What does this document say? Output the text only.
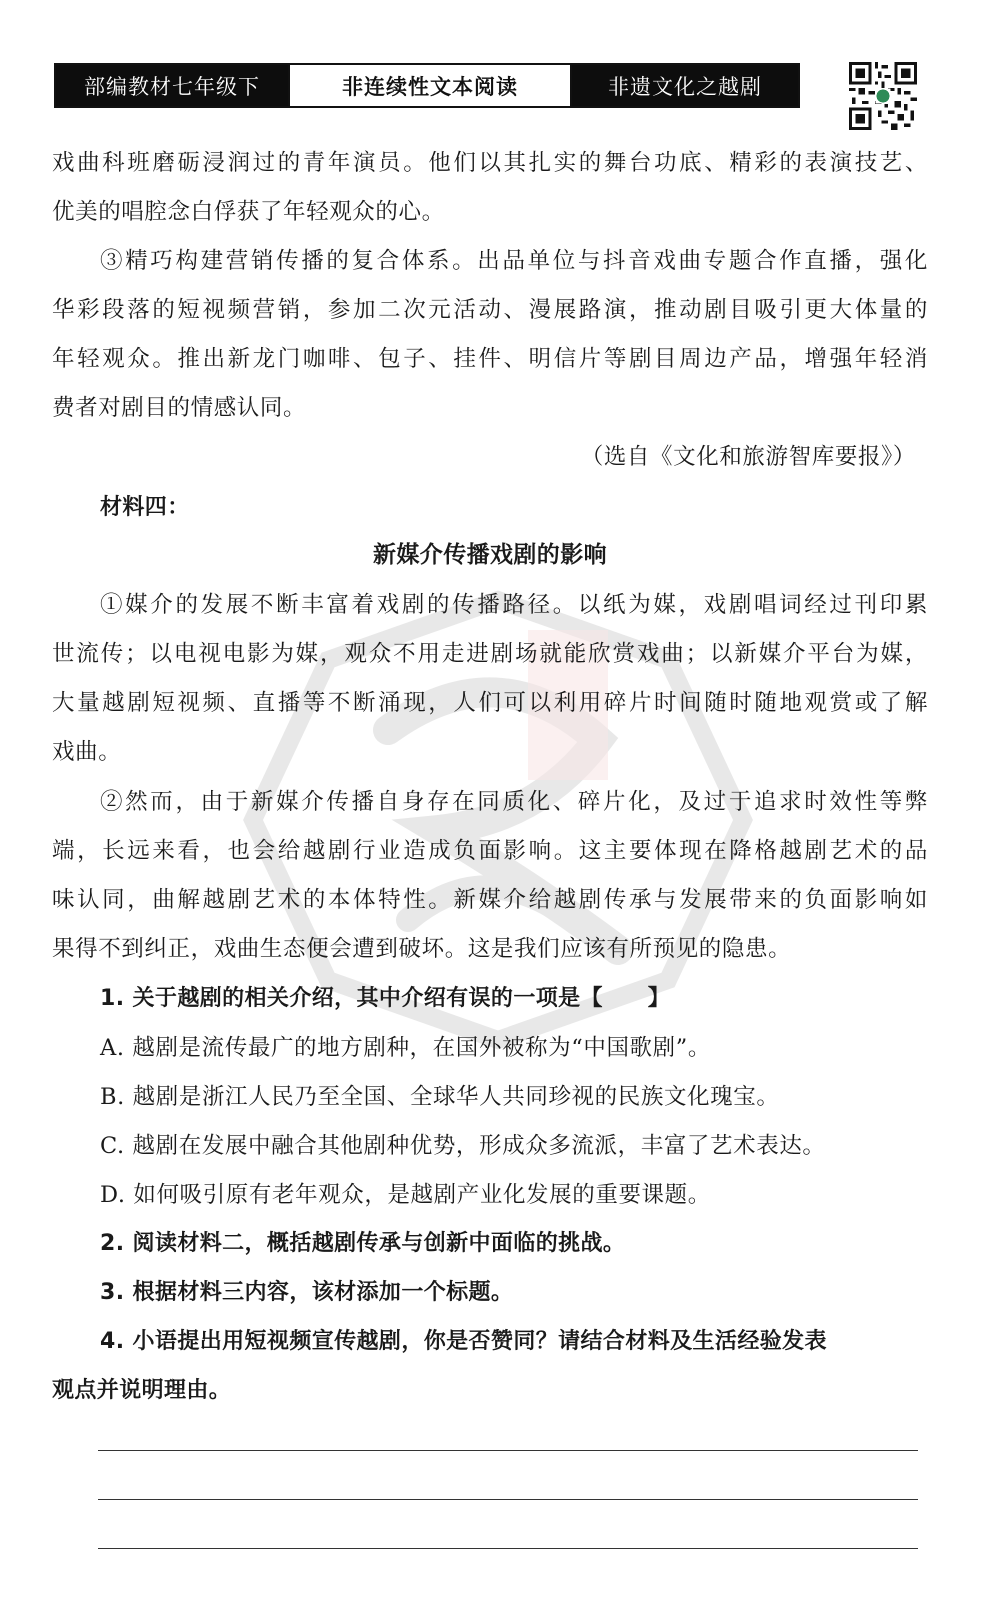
部编教材七年级下	非连续性文本阅读	非遗文化之越剧
戏曲科班磨砺浸润过的青年演员。他们以其扎实的舞台功底、精彩的表演技艺、
优美的唱腔念白俘获了年轻观众的心。
③精巧构建营销传播的复合体系。出品单位与抖音戏曲专题合作直播，强化
华彩段落的短视频营销，参加二次元活动、漫展路演，推动剧目吸引更大体量的
年轻观众。推出新龙门咖啡、包子、挂件、明信片等剧目周边产品，增强年轻消
费者对剧目的情感认同。
（选自《文化和旅游智库要报》）
材料四：
新媒介传播戏剧的影响
①媒介的发展不断丰富着戏剧的传播路径。以纸为媒，戏剧唱词经过刊印累
世流传；以电视电影为媒，观众不用走进剧场就能欣赏戏曲；以新媒介平台为媒，
大量越剧短视频、直播等不断涌现，人们可以利用碎片时间随时随地观赏或了解
戏曲。
②然而，由于新媒介传播自身存在同质化、碎片化，及过于追求时效性等弊
端，长远来看，也会给越剧行业造成负面影响。这主要体现在降格越剧艺术的品
味认同，曲解越剧艺术的本体特性。新媒介给越剧传承与发展带来的负面影响如
果得不到纠正，戏曲生态便会遭到破坏。这是我们应该有所预见的隐患。
1. 关于越剧的相关介绍，其中介绍有误的一项是【　　】
A. 越剧是流传最广的地方剧种，在国外被称为“中国歌剧”。
B. 越剧是浙江人民乃至全国、全球华人共同珍视的民族文化瑰宝。
C. 越剧在发展中融合其他剧种优势，形成众多流派，丰富了艺术表达。
D. 如何吸引原有老年观众，是越剧产业化发展的重要课题。
2. 阅读材料二，概括越剧传承与创新中面临的挑战。
3. 根据材料三内容，该材添加一个标题。
4. 小语提出用短视频宣传越剧，你是否赞同？请结合材料及生活经验发表
观点并说明理由。
